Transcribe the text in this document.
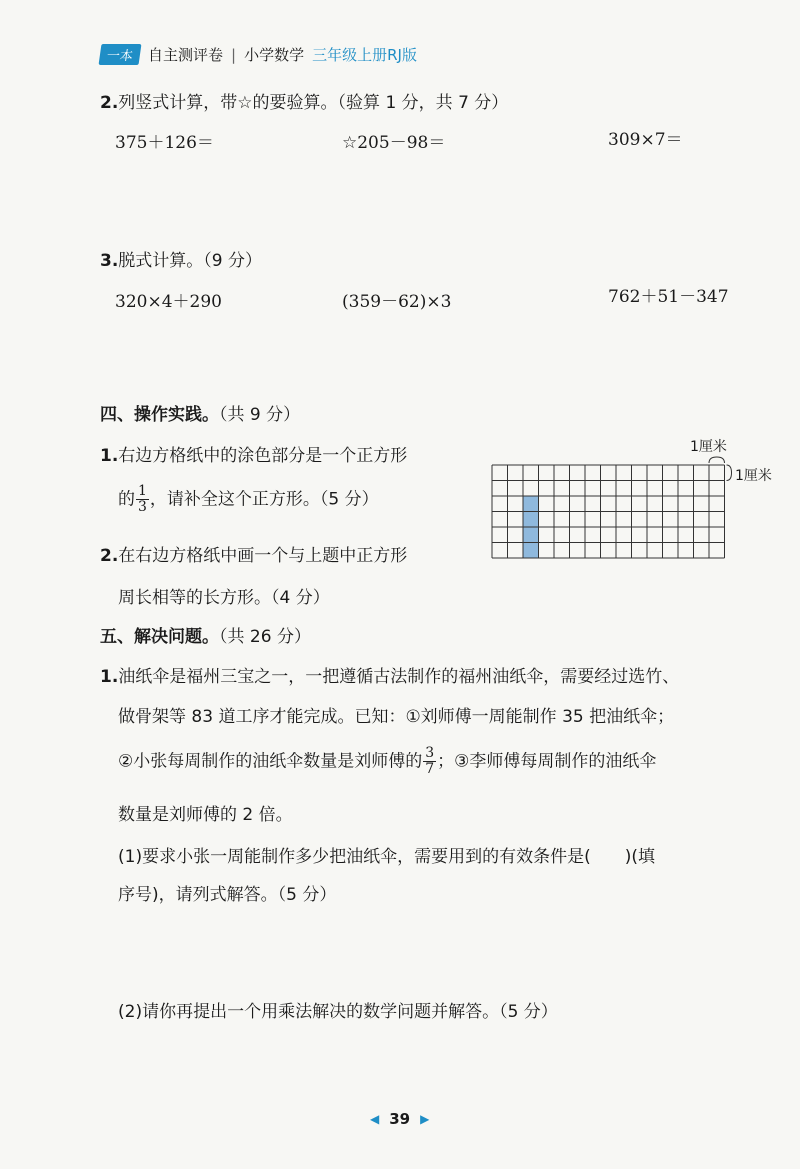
一本 自主测评卷 | 小学数学 三年级上册RJ版
2.列竖式计算，带☆的要验算。（验算 1 分，共 7 分）
375＋126＝	☆205－98＝	309×7＝
3.脱式计算。（9 分）
320×4＋290	(359－62)×3	762＋51－347
四、操作实践。（共 9 分）
1.右边方格纸中的涂色部分是一个正方形
的 $\frac{1}{3}$ ，请补全这个正方形。（5 分）
2.在右边方格纸中画一个与上题中正方形
周长相等的长方形。（4 分）
1厘米
1厘米
五、解决问题。（共 26 分）
1.油纸伞是福州三宝之一，一把遵循古法制作的福州油纸伞，需要经过选竹、
做骨架等 83 道工序才能完成。已知：①刘师傅一周能制作 35 把油纸伞；
②小张每周制作的油纸伞数量是刘师傅的 $\frac{3}{7}$ ；③李师傅每周制作的油纸伞
数量是刘师傅的 2 倍。
(1)要求小张一周能制作多少把油纸伞，需要用到的有效条件是(　　)(填
序号)，请列式解答。（5 分）
(2)请你再提出一个用乘法解决的数学问题并解答。（5 分）
◀ 39 ▶
